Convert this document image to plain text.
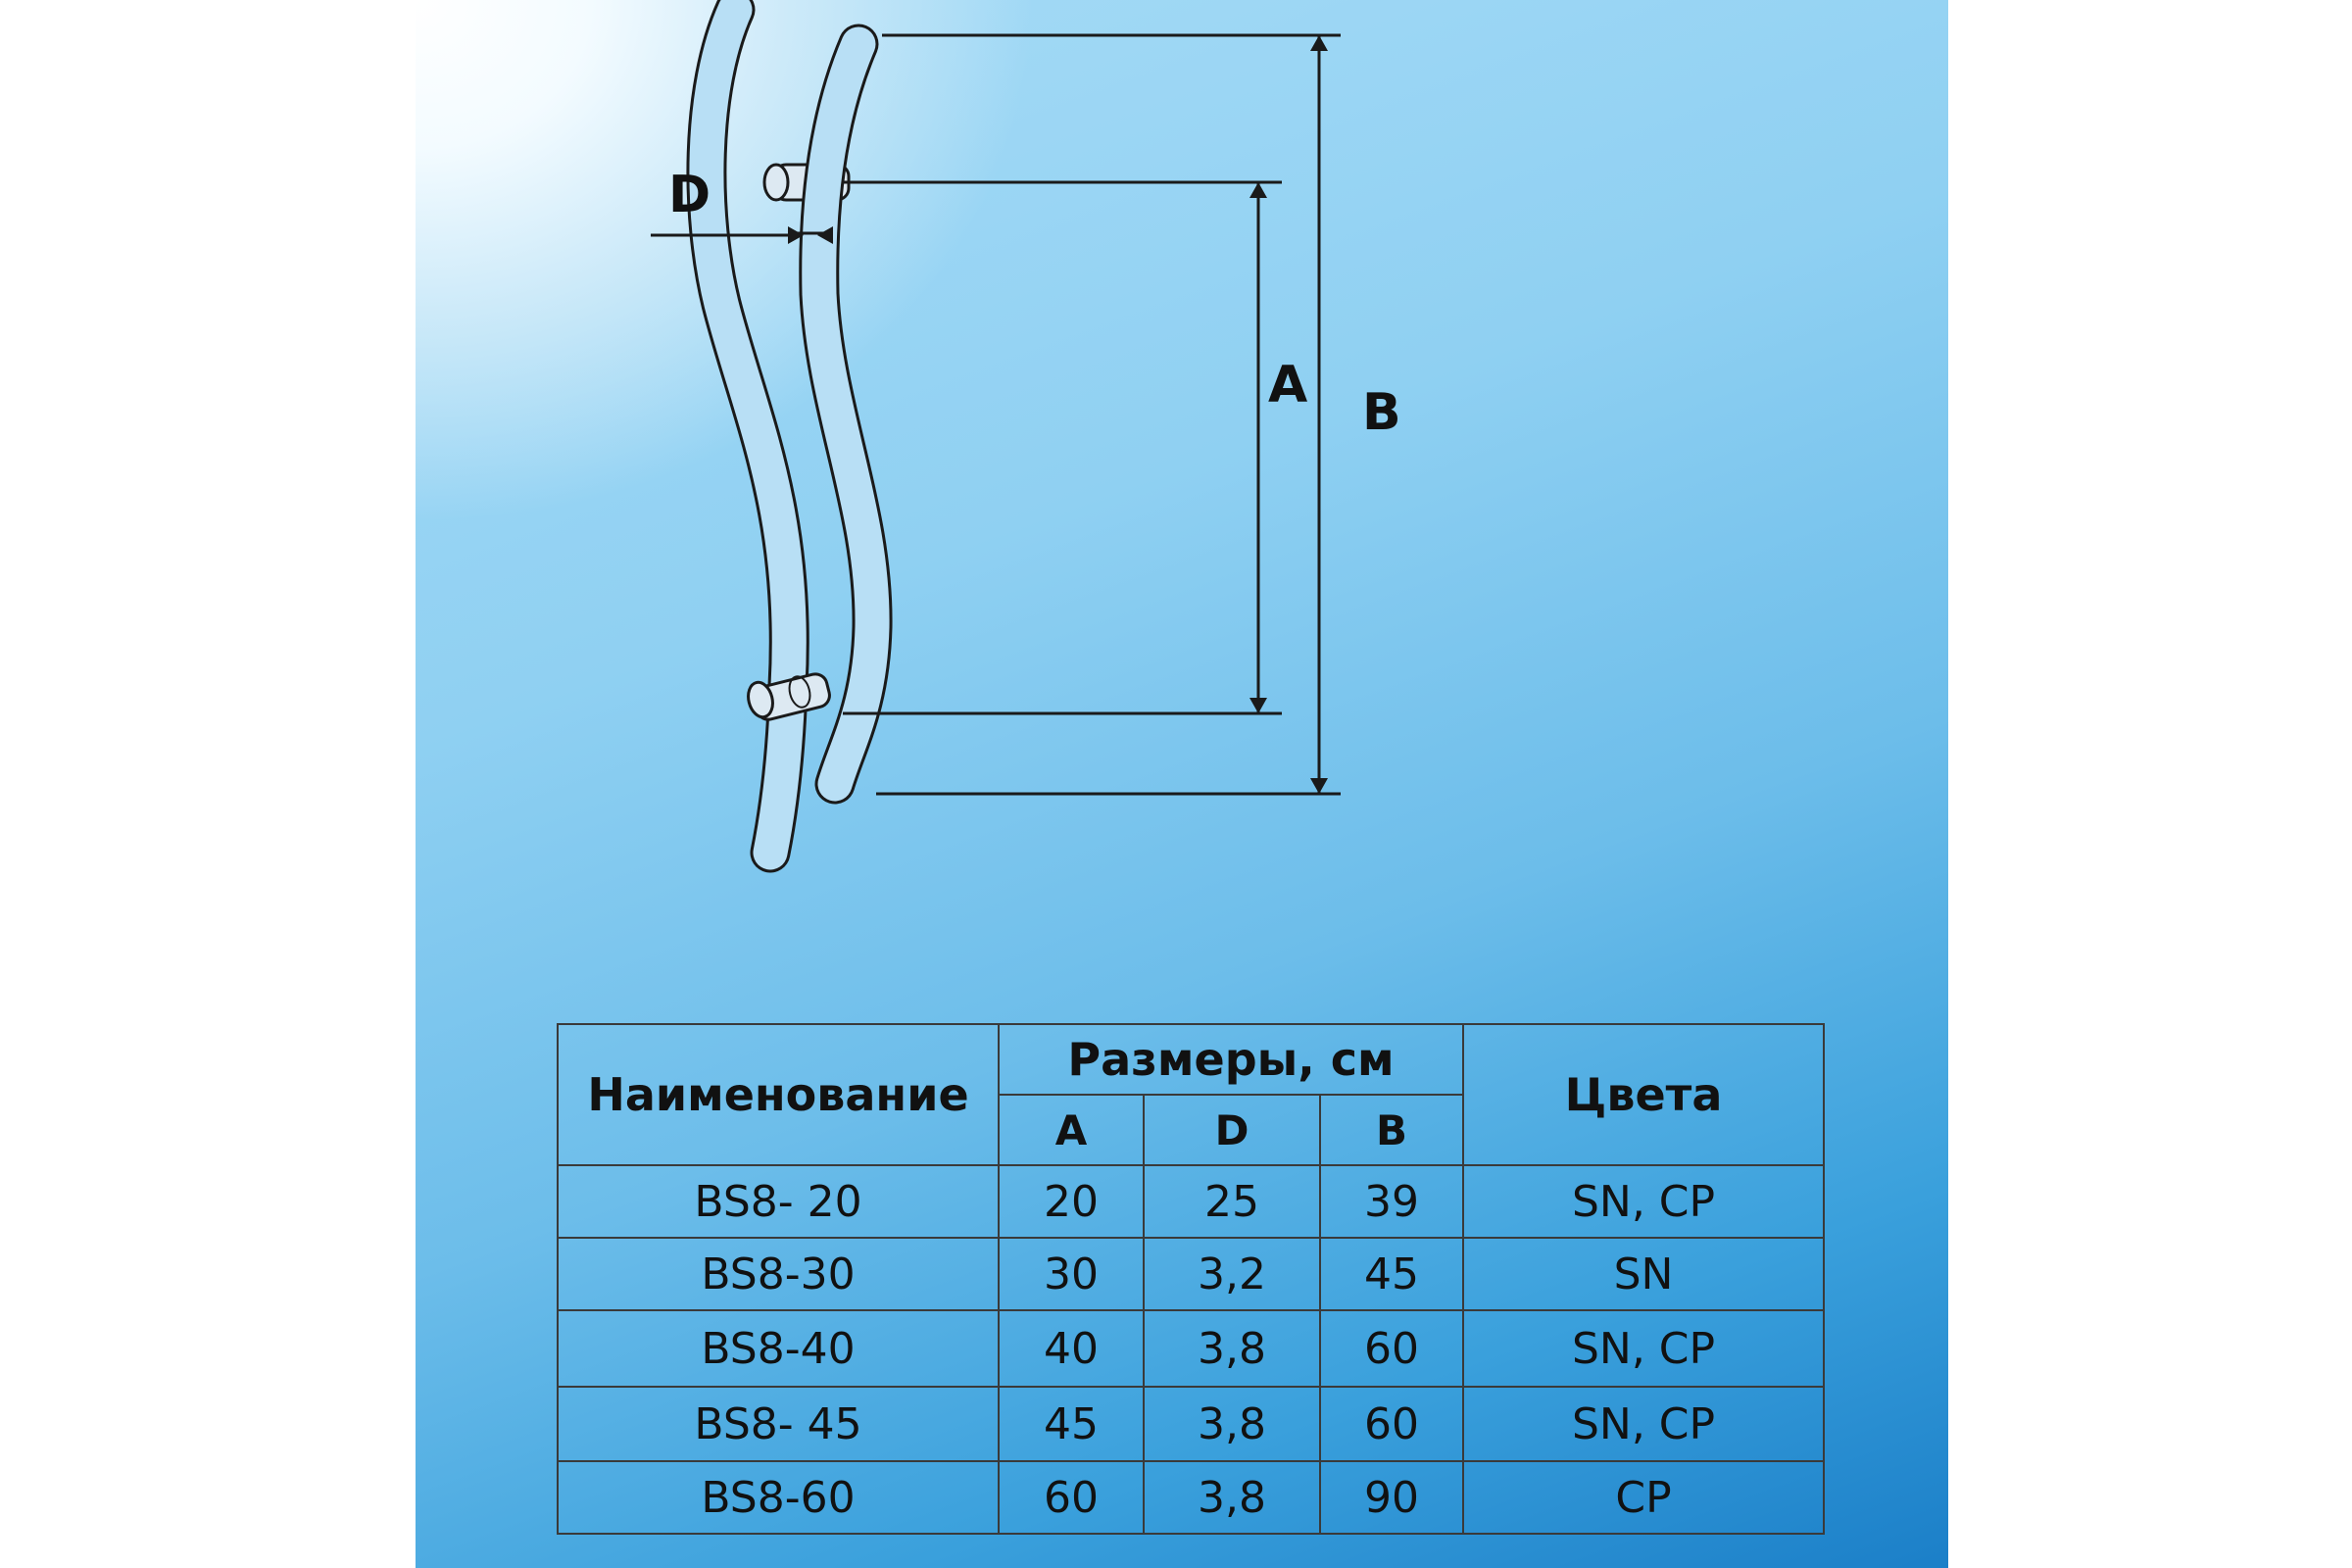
D
A B
Наименование	Размеры, см			Цвета
	A	D	B	
BS8- 20	20	25	39	SN, CP
BS8-30	30	3,2	45	SN
BS8-40	40	3,8	60	SN, CP
BS8- 45	45	3,8	60	SN, CP
BS8-60	60	3,8	90	CP
